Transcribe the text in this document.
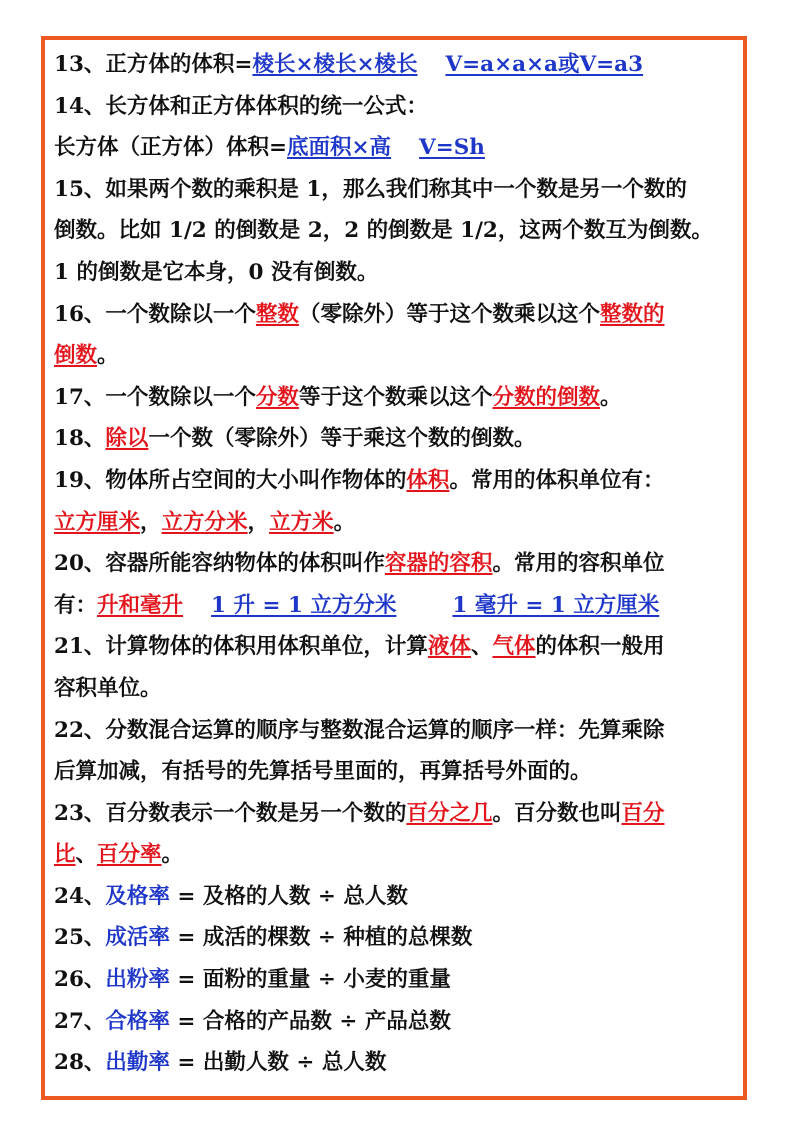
13、正方体的体积=棱长×棱长×棱长 V=a×a×a或V=a3
14、长方体和正方体体积的统一公式：
长方体（正方体）体积=底面积×高 V=Sh
15、如果两个数的乘积是 1，那么我们称其中一个数是另一个数的
倒数。比如 1/2 的倒数是 2，2 的倒数是 1/2，这两个数互为倒数。
1 的倒数是它本身，0 没有倒数。
16、一个数除以一个整数（零除外）等于这个数乘以这个整数的
倒数。
17、一个数除以一个分数等于这个数乘以这个分数的倒数。
18、除以一个数（零除外）等于乘这个数的倒数。
19、物体所占空间的大小叫作物体的体积。常用的体积单位有：
立方厘米，立方分米，立方米。
20、容器所能容纳物体的体积叫作容器的容积。常用的容积单位
有：升和毫升 1 升 = 1 立方分米	1 毫升 = 1 立方厘米
21、计算物体的体积用体积单位，计算液体、气体的体积一般用
容积单位。
22、分数混合运算的顺序与整数混合运算的顺序一样：先算乘除
后算加减，有括号的先算括号里面的，再算括号外面的。
23、百分数表示一个数是另一个数的百分之几。百分数也叫百分
比、百分率。
24、及格率 = 及格的人数 ÷ 总人数
25、成活率 = 成活的棵数 ÷ 种植的总棵数
26、出粉率 = 面粉的重量 ÷ 小麦的重量
27、合格率 = 合格的产品数 ÷ 产品总数
28、出勤率 = 出勤人数 ÷ 总人数
